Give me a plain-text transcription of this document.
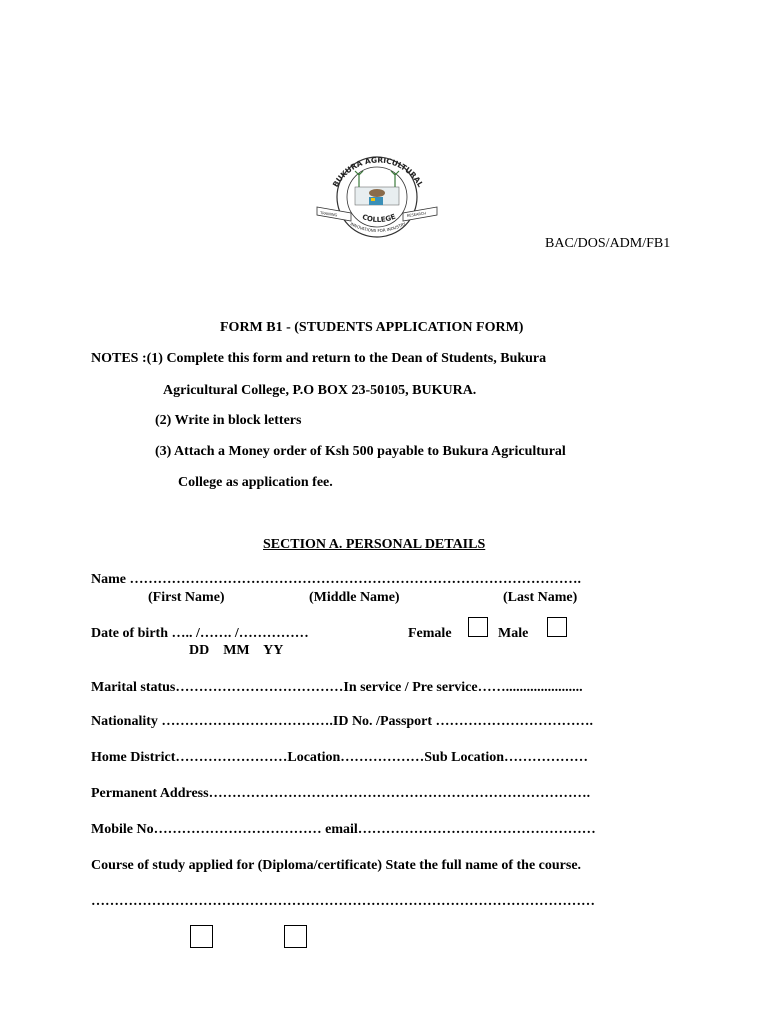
BUKURA AGRICULTURAL
COLLEGE
INNOVATIONS FOR INDUSTRY
TRAINING	RESEARCH
BAC/DOS/ADM/FB1
FORM B1 - (STUDENTS APPLICATION FORM)
NOTES :(1) Complete this form and return to the Dean of Students, Bukura
Agricultural College, P.O BOX 23-50105, BUKURA.
(2) Write in block letters
(3) Attach a Money order of Ksh 500 payable to Bukura Agricultural
College as application fee.
SECTION A. PERSONAL DETAILS
Name …………………………………………………………………………………….
(First Name)	(Middle Name)	(Last Name)
Date of birth ….. /……. /……………	Female	Male
DD    MM    YY
Marital status………………………………In service / Pre service……......................
Nationality ……………………………….ID No. /Passport …………………………….
Home District……………………Location………………Sub Location………………
Permanent Address……………………………………………………………………….
Mobile No……………………………… email……………………………………………
Course of study applied for (Diploma/certificate) State the full name of the course.
………………………………………………………………………………………………
